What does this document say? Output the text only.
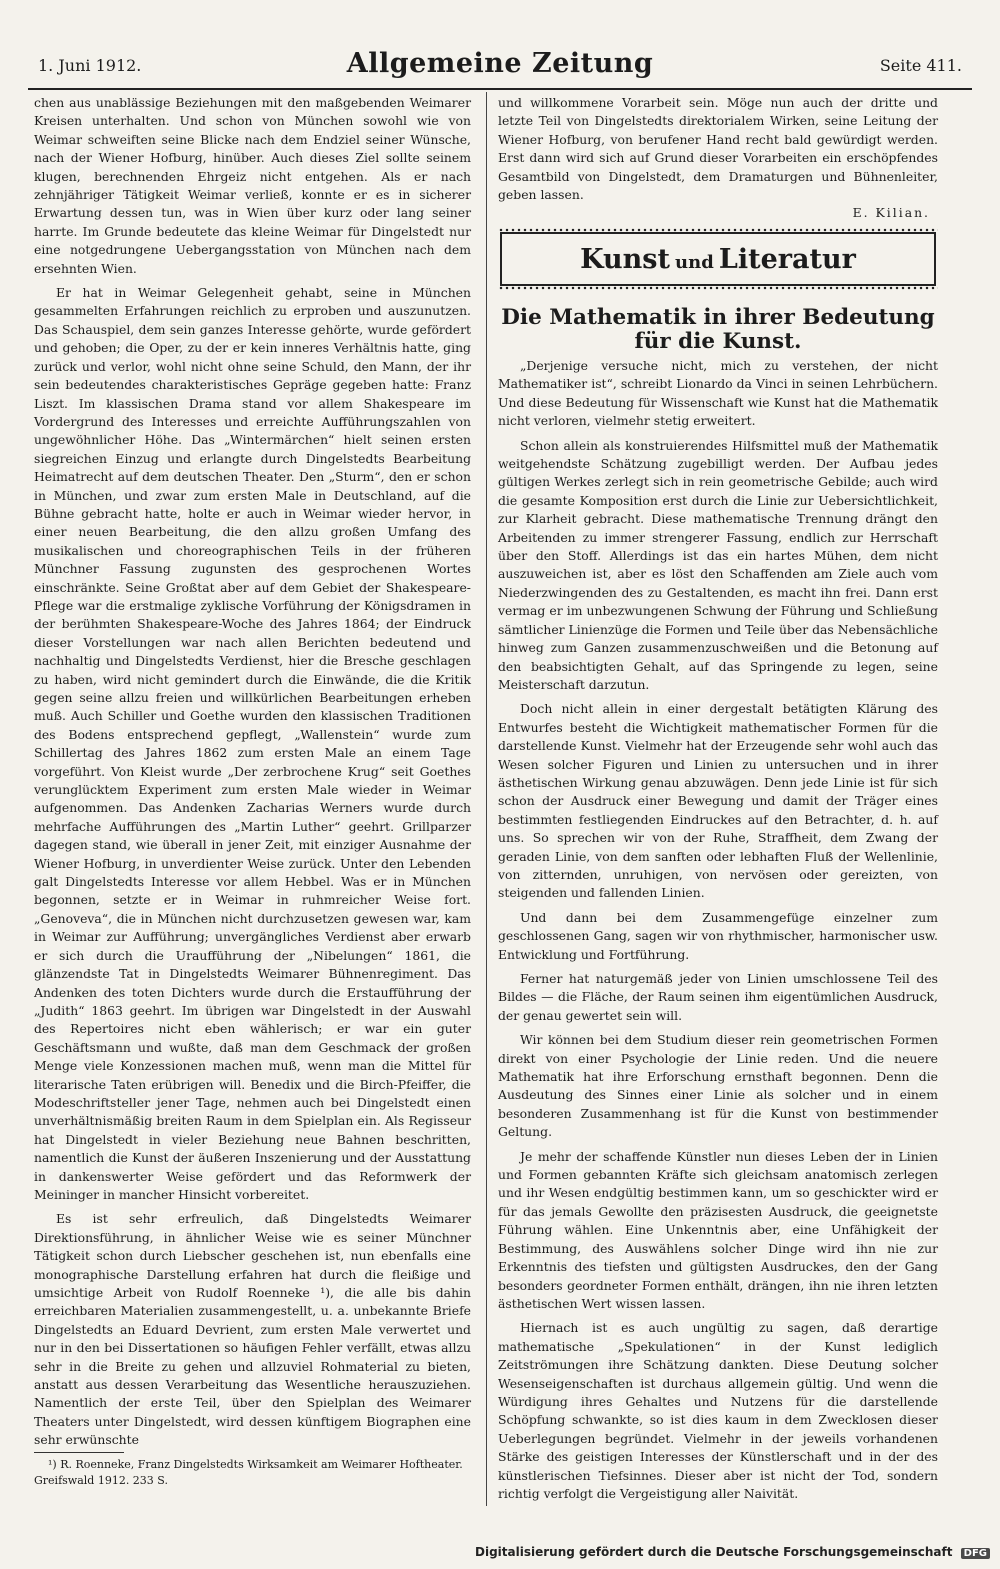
1. Juni 1912.	Allgemeine Zeitung	Seite 411.

chen aus unablässige Beziehungen mit den maßgebenden Weimarer Kreisen unterhalten. Und schon von München sowohl wie von Weimar schweiften seine Blicke nach dem Endziel seiner Wünsche, nach der Wiener Hofburg, hinüber. Auch dieses Ziel sollte seinem klugen, berechnenden Ehrgeiz nicht entgehen. Als er nach zehnjähriger Tätigkeit Weimar verließ, konnte er es in sicherer Erwartung dessen tun, was in Wien über kurz oder lang seiner harrte. Im Grunde bedeutete das kleine Weimar für Dingelstedt nur eine notgedrungene Uebergangsstation von München nach dem ersehnten Wien.

Er hat in Weimar Gelegenheit gehabt, seine in München gesammelten Erfahrungen reichlich zu erproben und auszunutzen. Das Schauspiel, dem sein ganzes Interesse gehörte, wurde gefördert und gehoben; die Oper, zu der er kein inneres Verhältnis hatte, ging zurück und verlor, wohl nicht ohne seine Schuld, den Mann, der ihr sein bedeutendes charakteristisches Gepräge gegeben hatte: Franz Liszt. Im klassischen Drama stand vor allem Shakespeare im Vordergrund des Interesses und erreichte Aufführungszahlen von ungewöhnlicher Höhe. Das „Wintermärchen“ hielt seinen ersten siegreichen Einzug und erlangte durch Dingelstedts Bearbeitung Heimatrecht auf dem deutschen Theater. Den „Sturm“, den er schon in München, und zwar zum ersten Male in Deutschland, auf die Bühne gebracht hatte, holte er auch in Weimar wieder hervor, in einer neuen Bearbeitung, die den allzu großen Umfang des musikalischen und choreographischen Teils in der früheren Münchner Fassung zugunsten des gesprochenen Wortes einschränkte. Seine Großtat aber auf dem Gebiet der Shakespeare-Pflege war die erstmalige zyklische Vorführung der Königsdramen in der berühmten Shakespeare-Woche des Jahres 1864; der Eindruck dieser Vorstellungen war nach allen Berichten bedeutend und nachhaltig und Dingelstedts Verdienst, hier die Bresche geschlagen zu haben, wird nicht gemindert durch die Einwände, die die Kritik gegen seine allzu freien und willkürlichen Bearbeitungen erheben muß. Auch Schiller und Goethe wurden den klassischen Traditionen des Bodens entsprechend gepflegt, „Wallenstein“ wurde zum Schillertag des Jahres 1862 zum ersten Male an einem Tage vorgeführt. Von Kleist wurde „Der zerbrochene Krug“ seit Goethes verunglücktem Experiment zum ersten Male wieder in Weimar aufgenommen. Das Andenken Zacharias Werners wurde durch mehrfache Aufführungen des „Martin Luther“ geehrt. Grillparzer dagegen stand, wie überall in jener Zeit, mit einziger Ausnahme der Wiener Hofburg, in unverdienter Weise zurück. Unter den Lebenden galt Dingelstedts Interesse vor allem Hebbel. Was er in München begonnen, setzte er in Weimar in ruhmreicher Weise fort. „Genoveva“, die in München nicht durchzusetzen gewesen war, kam in Weimar zur Aufführung; unvergängliches Verdienst aber erwarb er sich durch die Uraufführung der „Nibelungen“ 1861, die glänzendste Tat in Dingelstedts Weimarer Bühnenregiment. Das Andenken des toten Dichters wurde durch die Erstaufführung der „Judith“ 1863 geehrt. Im übrigen war Dingelstedt in der Auswahl des Repertoires nicht eben wählerisch; er war ein guter Geschäftsmann und wußte, daß man dem Geschmack der großen Menge viele Konzessionen machen muß, wenn man die Mittel für literarische Taten erübrigen will. Benedix und die Birch-Pfeiffer, die Modeschriftsteller jener Tage, nehmen auch bei Dingelstedt einen unverhältnismäßig breiten Raum in dem Spielplan ein. Als Regisseur hat Dingelstedt in vieler Beziehung neue Bahnen beschritten, namentlich die Kunst der äußeren Inszenierung und der Ausstattung in dankenswerter Weise gefördert und das Reformwerk der Meininger in mancher Hinsicht vorbereitet.

Es ist sehr erfreulich, daß Dingelstedts Weimarer Direktionsführung, in ähnlicher Weise wie es seiner Münchner Tätigkeit schon durch Liebscher geschehen ist, nun ebenfalls eine monographische Darstellung erfahren hat durch die fleißige und umsichtige Arbeit von Rudolf Roenneke ¹), die alle bis dahin erreichbaren Materialien zusammengestellt, u. a. unbekannte Briefe Dingelstedts an Eduard Devrient, zum ersten Male verwertet und nur in den bei Dissertationen so häufigen Fehler verfällt, etwas allzu sehr in die Breite zu gehen und allzuviel Rohmaterial zu bieten, anstatt aus dessen Verarbeitung das Wesentliche herauszuziehen. Namentlich der erste Teil, über den Spielplan des Weimarer Theaters unter Dingelstedt, wird dessen künftigem Biographen eine sehr erwünschte

¹) R. Roenneke, Franz Dingelstedts Wirksamkeit am Weimarer Hoftheater. Greifswald 1912. 233 S.

und willkommene Vorarbeit sein. Möge nun auch der dritte und letzte Teil von Dingelstedts direktorialem Wirken, seine Leitung der Wiener Hofburg, von berufener Hand recht bald gewürdigt werden. Erst dann wird sich auf Grund dieser Vorarbeiten ein erschöpfendes Gesamtbild von Dingelstedt, dem Dramaturgen und Bühnenleiter, geben lassen.

E. Kilian.
Kunst und Literatur
Die Mathematik in ihrer Bedeutung für die Kunst.

„Derjenige versuche nicht, mich zu verstehen, der nicht Mathematiker ist“, schreibt Lionardo da Vinci in seinen Lehrbüchern. Und diese Bedeutung für Wissenschaft wie Kunst hat die Mathematik nicht verloren, vielmehr stetig erweitert.

Schon allein als konstruierendes Hilfsmittel muß der Mathematik weitgehendste Schätzung zugebilligt werden. Der Aufbau jedes gültigen Werkes zerlegt sich in rein geometrische Gebilde; auch wird die gesamte Komposition erst durch die Linie zur Uebersichtlichkeit, zur Klarheit gebracht. Diese mathematische Trennung drängt den Arbeitenden zu immer strengerer Fassung, endlich zur Herrschaft über den Stoff. Allerdings ist das ein hartes Mühen, dem nicht auszuweichen ist, aber es löst den Schaffenden am Ziele auch vom Niederzwingenden des zu Gestaltenden, es macht ihn frei. Dann erst vermag er im unbezwungenen Schwung der Führung und Schließung sämtlicher Linienzüge die Formen und Teile über das Nebensächliche hinweg zum Ganzen zusammenzuschweißen und die Betonung auf den beabsichtigten Gehalt, auf das Springende zu legen, seine Meisterschaft darzutun.

Doch nicht allein in einer dergestalt betätigten Klärung des Entwurfes besteht die Wichtigkeit mathematischer Formen für die darstellende Kunst. Vielmehr hat der Erzeugende sehr wohl auch das Wesen solcher Figuren und Linien zu untersuchen und in ihrer ästhetischen Wirkung genau abzuwägen. Denn jede Linie ist für sich schon der Ausdruck einer Bewegung und damit der Träger eines bestimmten festliegenden Eindruckes auf den Betrachter, d. h. auf uns. So sprechen wir von der Ruhe, Straffheit, dem Zwang der geraden Linie, von dem sanften oder lebhaften Fluß der Wellenlinie, von zitternden, unruhigen, von nervösen oder gereizten, von steigenden und fallenden Linien.

Und dann bei dem Zusammengefüge einzelner zum geschlossenen Gang, sagen wir von rhythmischer, harmonischer usw. Entwicklung und Fortführung.

Ferner hat naturgemäß jeder von Linien umschlossene Teil des Bildes — die Fläche, der Raum seinen ihm eigentümlichen Ausdruck, der genau gewertet sein will.

Wir können bei dem Studium dieser rein geometrischen Formen direkt von einer Psychologie der Linie reden. Und die neuere Mathematik hat ihre Erforschung ernsthaft begonnen. Denn die Ausdeutung des Sinnes einer Linie als solcher und in einem besonderen Zusammenhang ist für die Kunst von bestimmender Geltung.

Je mehr der schaffende Künstler nun dieses Leben der in Linien und Formen gebannten Kräfte sich gleichsam anatomisch zerlegen und ihr Wesen endgültig bestimmen kann, um so geschickter wird er für das jemals Gewollte den präzisesten Ausdruck, die geeignetste Führung wählen. Eine Unkenntnis aber, eine Unfähigkeit der Bestimmung, des Auswählens solcher Dinge wird ihn nie zur Erkenntnis des tiefsten und gültigsten Ausdruckes, den der Gang besonders geordneter Formen enthält, drängen, ihn nie ihren letzten ästhetischen Wert wissen lassen.

Hiernach ist es auch ungültig zu sagen, daß derartige mathematische „Spekulationen“ in der Kunst lediglich Zeitströmungen ihre Schätzung dankten. Diese Deutung solcher Wesenseigenschaften ist durchaus allgemein gültig. Und wenn die Würdigung ihres Gehaltes und Nutzens für die darstellende Schöpfung schwankte, so ist dies kaum in dem Zwecklosen dieser Ueberlegungen begründet. Vielmehr in der jeweils vorhandenen Stärke des geistigen Interesses der Künstlerschaft und in der des künstlerischen Tiefsinnes. Dieser aber ist nicht der Tod, sondern richtig verfolgt die Vergeistigung aller Naivität.

Digitalisierung gefördert durch die Deutsche Forschungsgemeinschaft DFG
